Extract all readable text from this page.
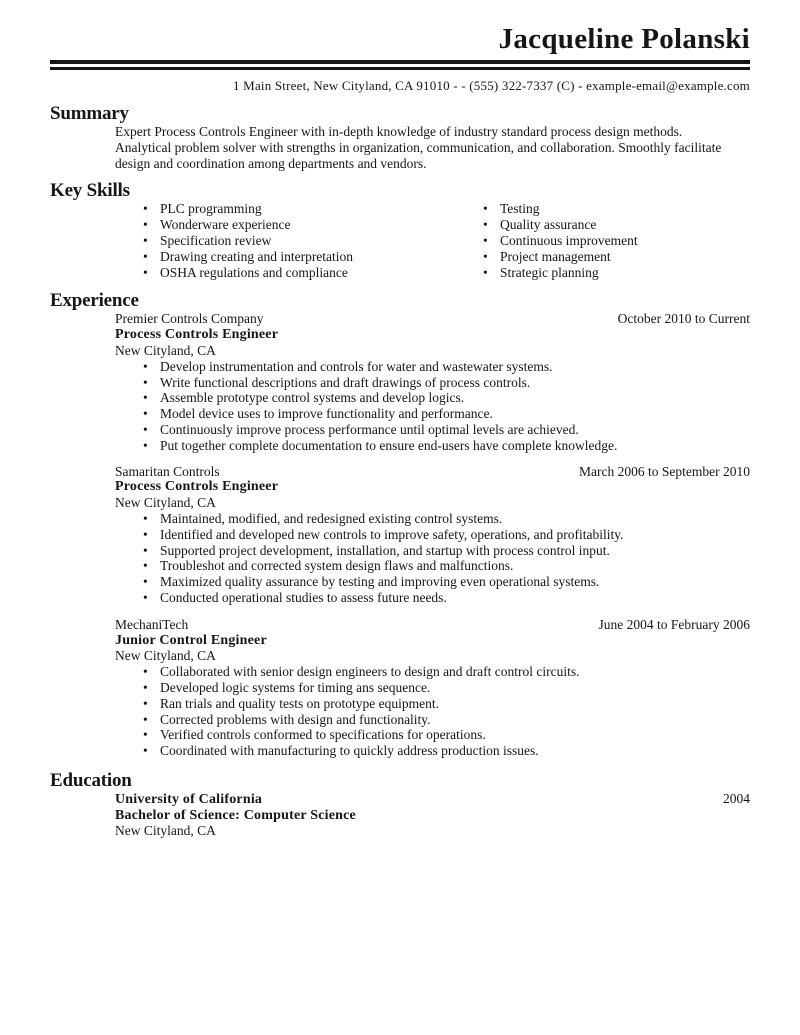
Jacqueline Polanski
1 Main Street, New Cityland, CA 91010 - - (555) 322-7337 (C) - example-email@example.com
Summary
Expert Process Controls Engineer with in-depth knowledge of industry standard process design methods. Analytical problem solver with strengths in organization, communication, and collaboration. Smoothly facilitate design and coordination among departments and vendors.
Key Skills
• PLC programming
• Wonderware experience
• Specification review
• Drawing creating and interpretation
• OSHA regulations and compliance
• Testing
• Quality assurance
• Continuous improvement
• Project management
• Strategic planning
Experience
Premier Controls Company	October 2010 to Current
Process Controls Engineer
New Cityland, CA
• Develop instrumentation and controls for water and wastewater systems.
• Write functional descriptions and draft drawings of process controls.
• Assemble prototype control systems and develop logics.
• Model device uses to improve functionality and performance.
• Continuously improve process performance until optimal levels are achieved.
• Put together complete documentation to ensure end-users have complete knowledge.
Samaritan Controls	March 2006 to September 2010
Process Controls Engineer
New Cityland, CA
• Maintained, modified, and redesigned existing control systems.
• Identified and developed new controls to improve safety, operations, and profitability.
• Supported project development, installation, and startup with process control input.
• Troubleshot and corrected system design flaws and malfunctions.
• Maximized quality assurance by testing and improving even operational systems.
• Conducted operational studies to assess future needs.
MechaniTech	June 2004 to February 2006
Junior Control Engineer
New Cityland, CA
• Collaborated with senior design engineers to design and draft control circuits.
• Developed logic systems for timing ans sequence.
• Ran trials and quality tests on prototype equipment.
• Corrected problems with design and functionality.
• Verified controls conformed to specifications for operations.
• Coordinated with manufacturing to quickly address production issues.
Education
University of California	2004
Bachelor of Science: Computer Science
New Cityland, CA
